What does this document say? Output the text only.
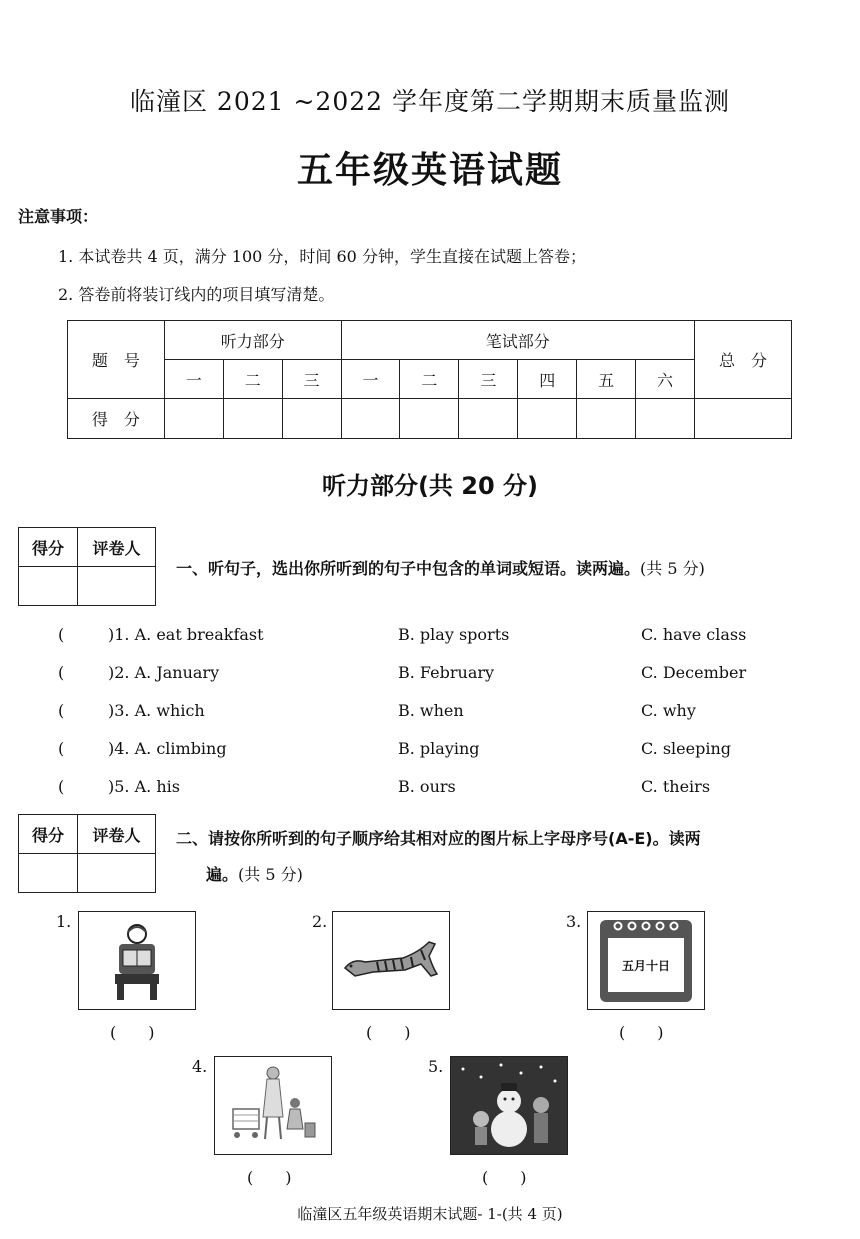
临潼区 2021 ~2022 学年度第二学期期末质量监测
五年级英语试题
注意事项：
1. 本试卷共 4 页，满分 100 分，时间 60 分钟，学生直接在试题上答卷；
2. 答卷前将装订线内的项目填写清楚。
题　号	听力部分			笔试部分						总　分
	一	二	三	一	二	三	四	五	六	
得　分										
听力部分(共 20 分)
得分	评卷人

一、听句子，选出你所听到的句子中包含的单词或短语。读两遍。(共 5 分)
(	)1. A. eat breakfast	B. play sports	C. have class
(	)2. A. January	B. February	C. December
(	)3. A. which	B. when	C. why
(	)4. A. climbing	B. playing	C. sleeping
(	)5. A. his	B. ours	C. theirs
得分	评卷人
	二、请按你所听到的句子顺序给其相对应的图片标上字母序号(A-E)。读两
遍。(共 5 分)
1.
(　　)
2.
(　　)
3.
五月十日
(　　)
4.
(　　)
5.
(　　)
临潼区五年级英语期末试题- 1-(共 4 页)
